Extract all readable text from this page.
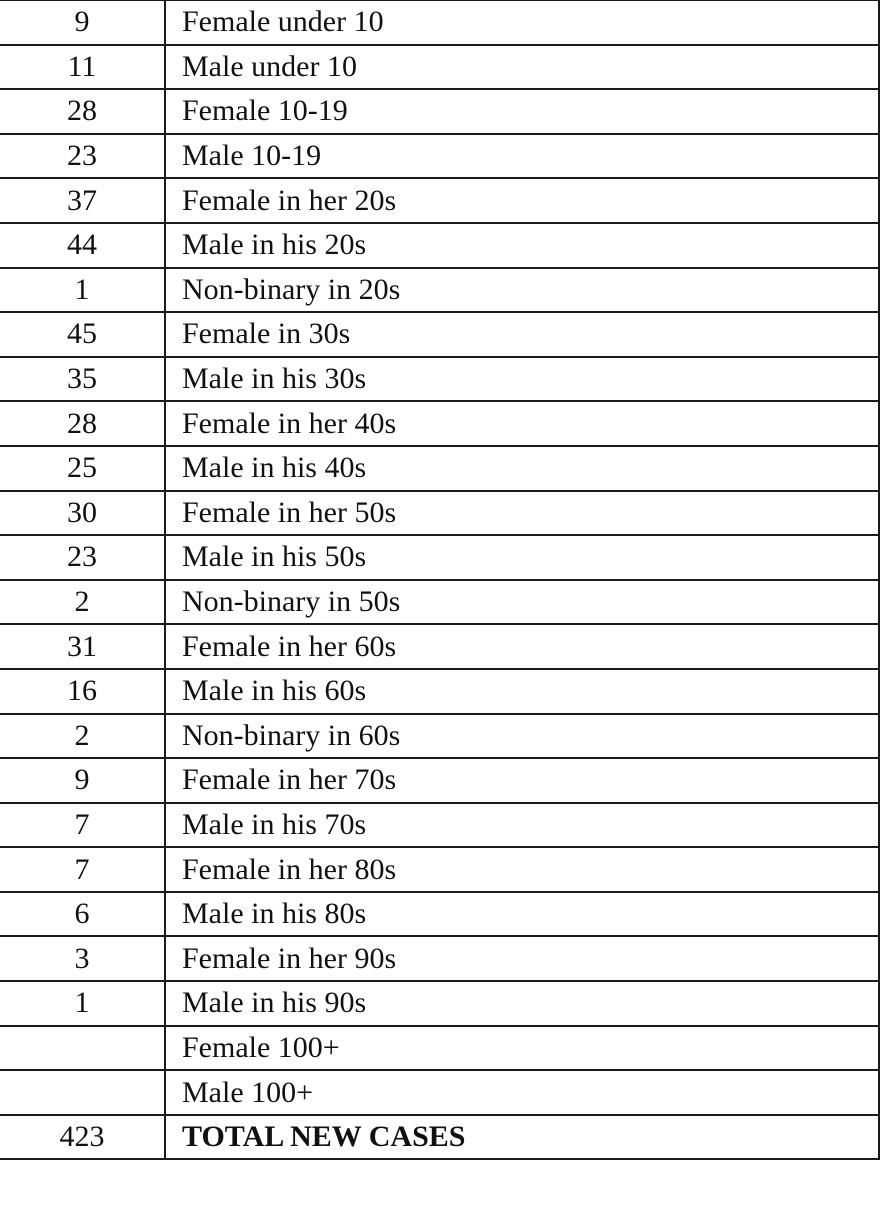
9	Female under 10
11	Male under 10
28	Female 10-19
23	Male 10-19
37	Female in her 20s
44	Male in his 20s
1	Non-binary in 20s
45	Female in 30s
35	Male in his 30s
28	Female in her 40s
25	Male in his 40s
30	Female in her 50s
23	Male in his 50s
2	Non-binary in 50s
31	Female in her 60s
16	Male in his 60s
2	Non-binary in 60s
9	Female in her 70s
7	Male in his 70s
7	Female in her 80s
6	Male in his 80s
3	Female in her 90s
1	Male in his 90s
	Female 100+
	Male 100+
423	TOTAL NEW CASES
